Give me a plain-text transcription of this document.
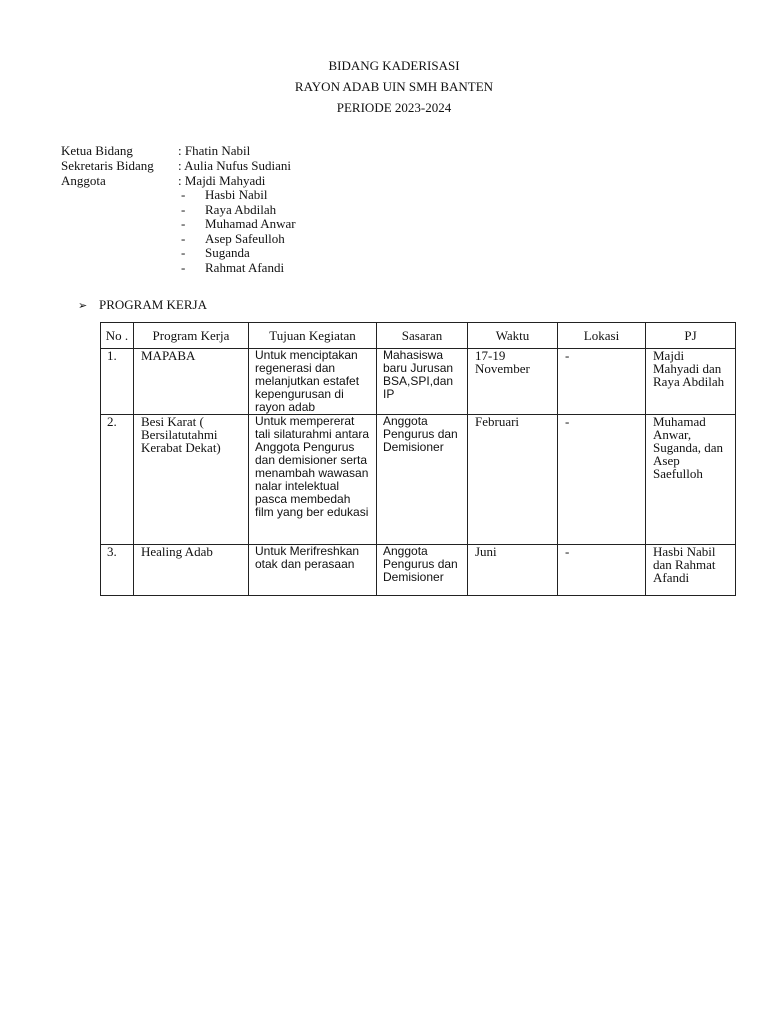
BIDANG KADERISASI
RAYON ADAB UIN SMH BANTEN
PERIODE 2023-2024
Ketua Bidang	: Fhatin Nabil
Sekretaris Bidang	: Aulia Nufus Sudiani
Anggota	: Majdi Mahyadi
-	Hasbi Nabil
-	Raya Abdilah
-	Muhamad Anwar
-	Asep Safeulloh
-	Suganda
-	Rahmat Afandi
➢ PROGRAM KERJA
No .	Program Kerja	Tujuan Kegiatan	Sasaran	Waktu	Lokasi	PJ
1.	MAPABA	Untuk menciptakan regenerasi dan melanjutkan estafet kepengurusan di rayon adab	Mahasiswa baru Jurusan BSA,SPI,dan IP	17-19 November	-	Majdi Mahyadi dan Raya Abdilah
2.	Besi Karat ( Bersilatutahmi Kerabat Dekat)	Untuk mempererat tali silaturahmi antara Anggota Pengurus dan demisioner serta menambah wawasan nalar intelektual pasca membedah film yang ber edukasi	Anggota Pengurus dan Demisioner	Februari	-	Muhamad Anwar, Suganda, dan Asep Saefulloh
3.	Healing Adab	Untuk Merifreshkan otak dan perasaan	Anggota Pengurus dan Demisioner	Juni	-	Hasbi Nabil dan Rahmat Afandi
